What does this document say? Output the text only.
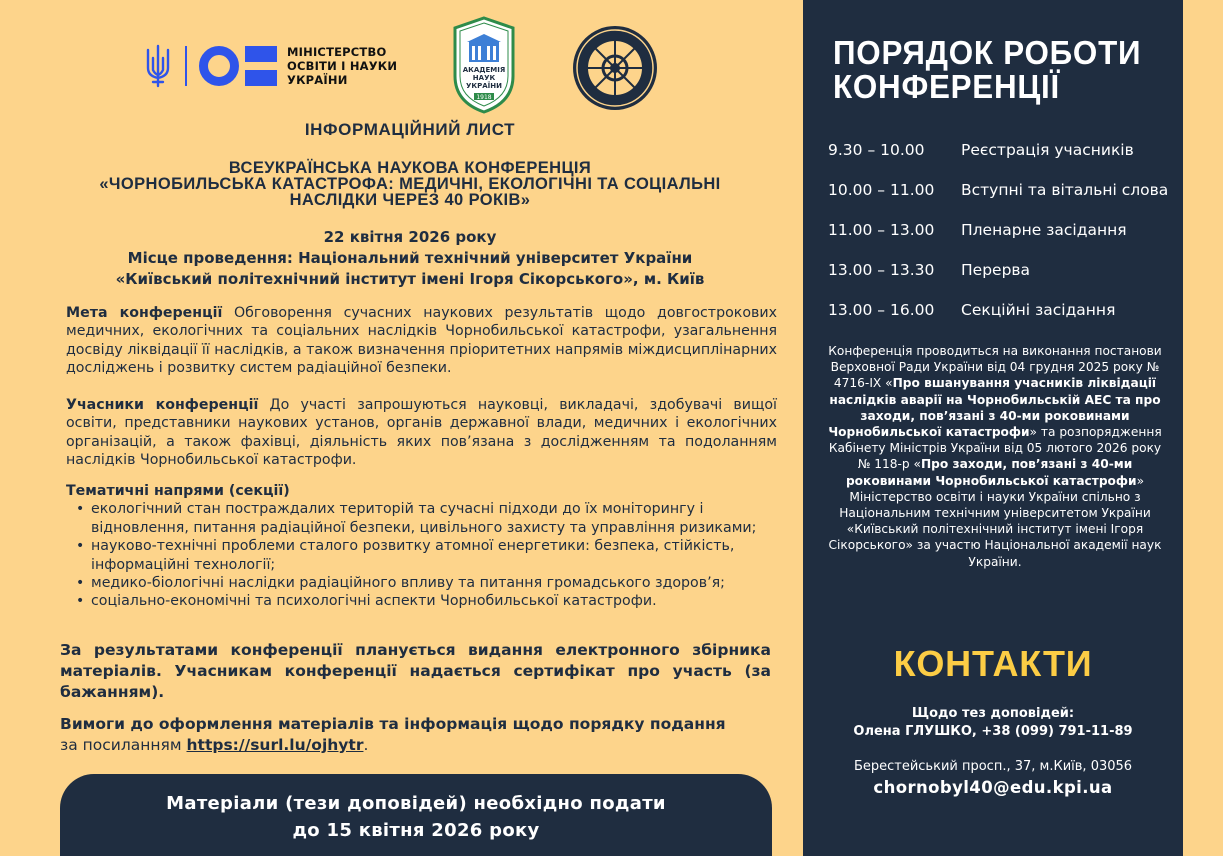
МІНІСТЕРСТВО
ОСВІТИ І НАУКИ
УКРАЇНИ
АКАДЕМІЯ
НАУК
УКРАЇНИ
1918
ІНФОРМАЦІЙНИЙ ЛИСТ
ВСЕУКРАЇНСЬКА НАУКОВА КОНФЕРЕНЦІЯ
«ЧОРНОБИЛЬСЬКА КАТАСТРОФА: МЕДИЧНІ, ЕКОЛОГІЧНІ ТА СОЦІАЛЬНІ
НАСЛІДКИ ЧЕРЕЗ 40 РОКІВ»
22 квітня 2026 року
Місце проведення: Національний технічний університет України
«Київський політехнічний інститут імені Ігоря Сікорського», м. Київ
Мета конференції Обговорення сучасних наукових результатів щодо довгострокових медичних, екологічних та соціальних наслідків Чорнобильської катастрофи, узагальнення досвіду ліквідації її наслідків, а також визначення пріоритетних напрямів міждисциплінарних досліджень і розвитку систем радіаційної безпеки.
Учасники конференції До участі запрошуються науковці, викладачі, здобувачі вищої освіти, представники наукових установ, органів державної влади, медичних і екологічних організацій, а також фахівці, діяльність яких пов’язана з дослідженням та подоланням наслідків Чорнобильської катастрофи.
Тематичні напрями (секції)
• екологічний стан постраждалих територій та сучасні підходи до їх моніторингу і відновлення, питання радіаційної безпеки, цивільного захисту та управління ризиками;
• науково-технічні проблеми сталого розвитку атомної енергетики: безпека, стійкість, інформаційні технології;
• медико-біологічні наслідки радіаційного впливу та питання громадського здоров’я;
• соціально-економічні та психологічні аспекти Чорнобильської катастрофи.
За результатами конференції планується видання електронного збірника матеріалів. Учасникам конференції надається сертифікат про участь (за бажанням).
Вимоги до оформлення матеріалів та інформація щодо порядку подання
за посиланням https://surl.lu/ojhytr.
Матеріали (тези доповідей) необхідно подати
до 15 квітня 2026 року
ПОРЯДОК РОБОТИ
КОНФЕРЕНЦІЇ
9.30 – 10.00	Реєстрація учасників
10.00 – 11.00	Вступні та вітальні слова
11.00 – 13.00	Пленарне засідання
13.00 – 13.30	Перерва
13.00 – 16.00	Секційні засідання
Конференція проводиться на виконання постанови Верховної Ради України від 04 грудня 2025 року № 4716-IX «Про вшанування учасників ліквідації наслідків аварії на Чорнобильській АЕС та про заходи, пов’язані з 40-ми роковинами Чорнобильської катастрофи» та розпорядження Кабінету Міністрів України від 05 лютого 2026 року № 118-р «Про заходи, пов’язані з 40-ми роковинами Чорнобильської катастрофи» Міністерство освіти і науки України спільно з Національним технічним університетом України «Київський політехнічний інститут імені Ігоря Сікорського» за участю Національної академії наук України.
КОНТАКТИ
Щодо тез доповідей:
Олена ГЛУШКО, +38 (099) 791-11-89
Берестейський просп., 37, м.Київ, 03056
chornobyl40@edu.kpi.ua
